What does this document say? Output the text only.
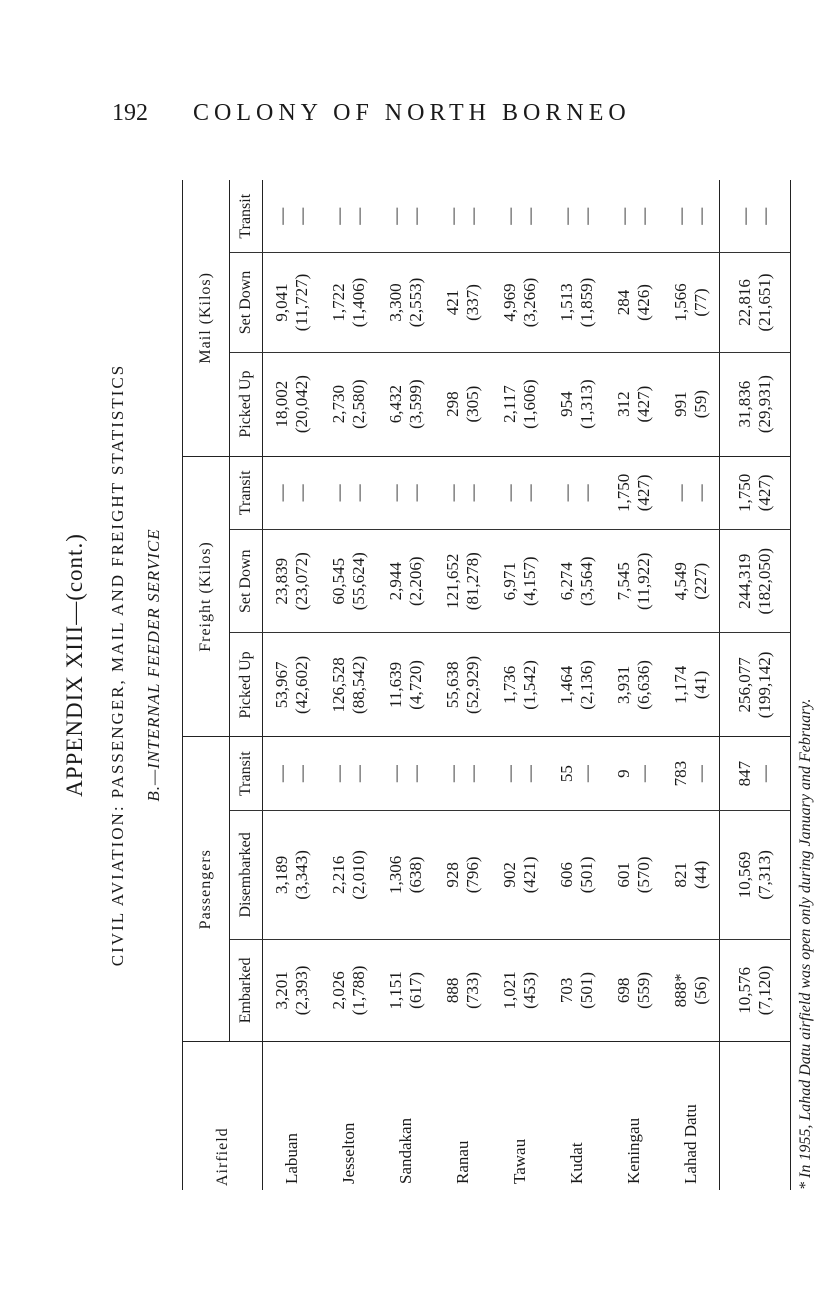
192 COLONY OF NORTH BORNEO
APPENDIX XIII—(cont.) CIVIL AVIATION: PASSENGER, MAIL AND FREIGHT STATISTICS B.—INTERNAL FEEDER SERVICE
Airfield	Passengers			Freight (Kilos)			Mail (Kilos)		
	Embarked	Disembarked	Transit	Picked Up	Set Down	Transit	Picked Up	Set Down	Transit
Labuan	3,201 (2,393)	3,189 (3,343)	— —	53,967 (42,602)	23,839 (23,072)	— —	18,002 (20,042)	9,041 (11,727)	— —

Jesselton	2,026 (1,788)	2,216 (2,010)	— —	126,528 (88,542)	60,545 (55,624)	— —	2,730 (2,580)	1,722 (1,406)	— —

Sandakan	1,151 (617)	1,306 (638)	— —	11,639 (4,720)	2,944 (2,206)	— —	6,432 (3,599)	3,300 (2,553)	— —

Ranau	888 (733)	928 (796)	— —	55,638 (52,929)	121,652 (81,278)	— —	298 (305)	421 (337)	— —

Tawau	1,021 (453)	902 (421)	— —	1,736 (1,542)	6,971 (4,157)	— —	2,117 (1,606)	4,969 (3,266)	— —

Kudat	703 (501)	606 (501)	55 —	1,464 (2,136)	6,274 (3,564)	— —	954 (1,313)	1,513 (1,859)	— —

Keningau	698 (559)	601 (570)	9 —	3,931 (6,636)	7,545 (11,922)	1,750 (427)	312 (427)	284 (426)	— —

Lahad Datu	888* (56)	821 (44)	783 —	1,174 (41)	4,549 (227)	— —	991 (59)	1,566 (77)	— —

	10,576 (7,120)	10,569 (7,313)	847 —	256,077 (199,142)	244,319 (182,050)	1,750 (427)	31,836 (29,931)	22,816 (21,651)	— —
* In 1955, Lahad Datu airfield was open only during January and February.
